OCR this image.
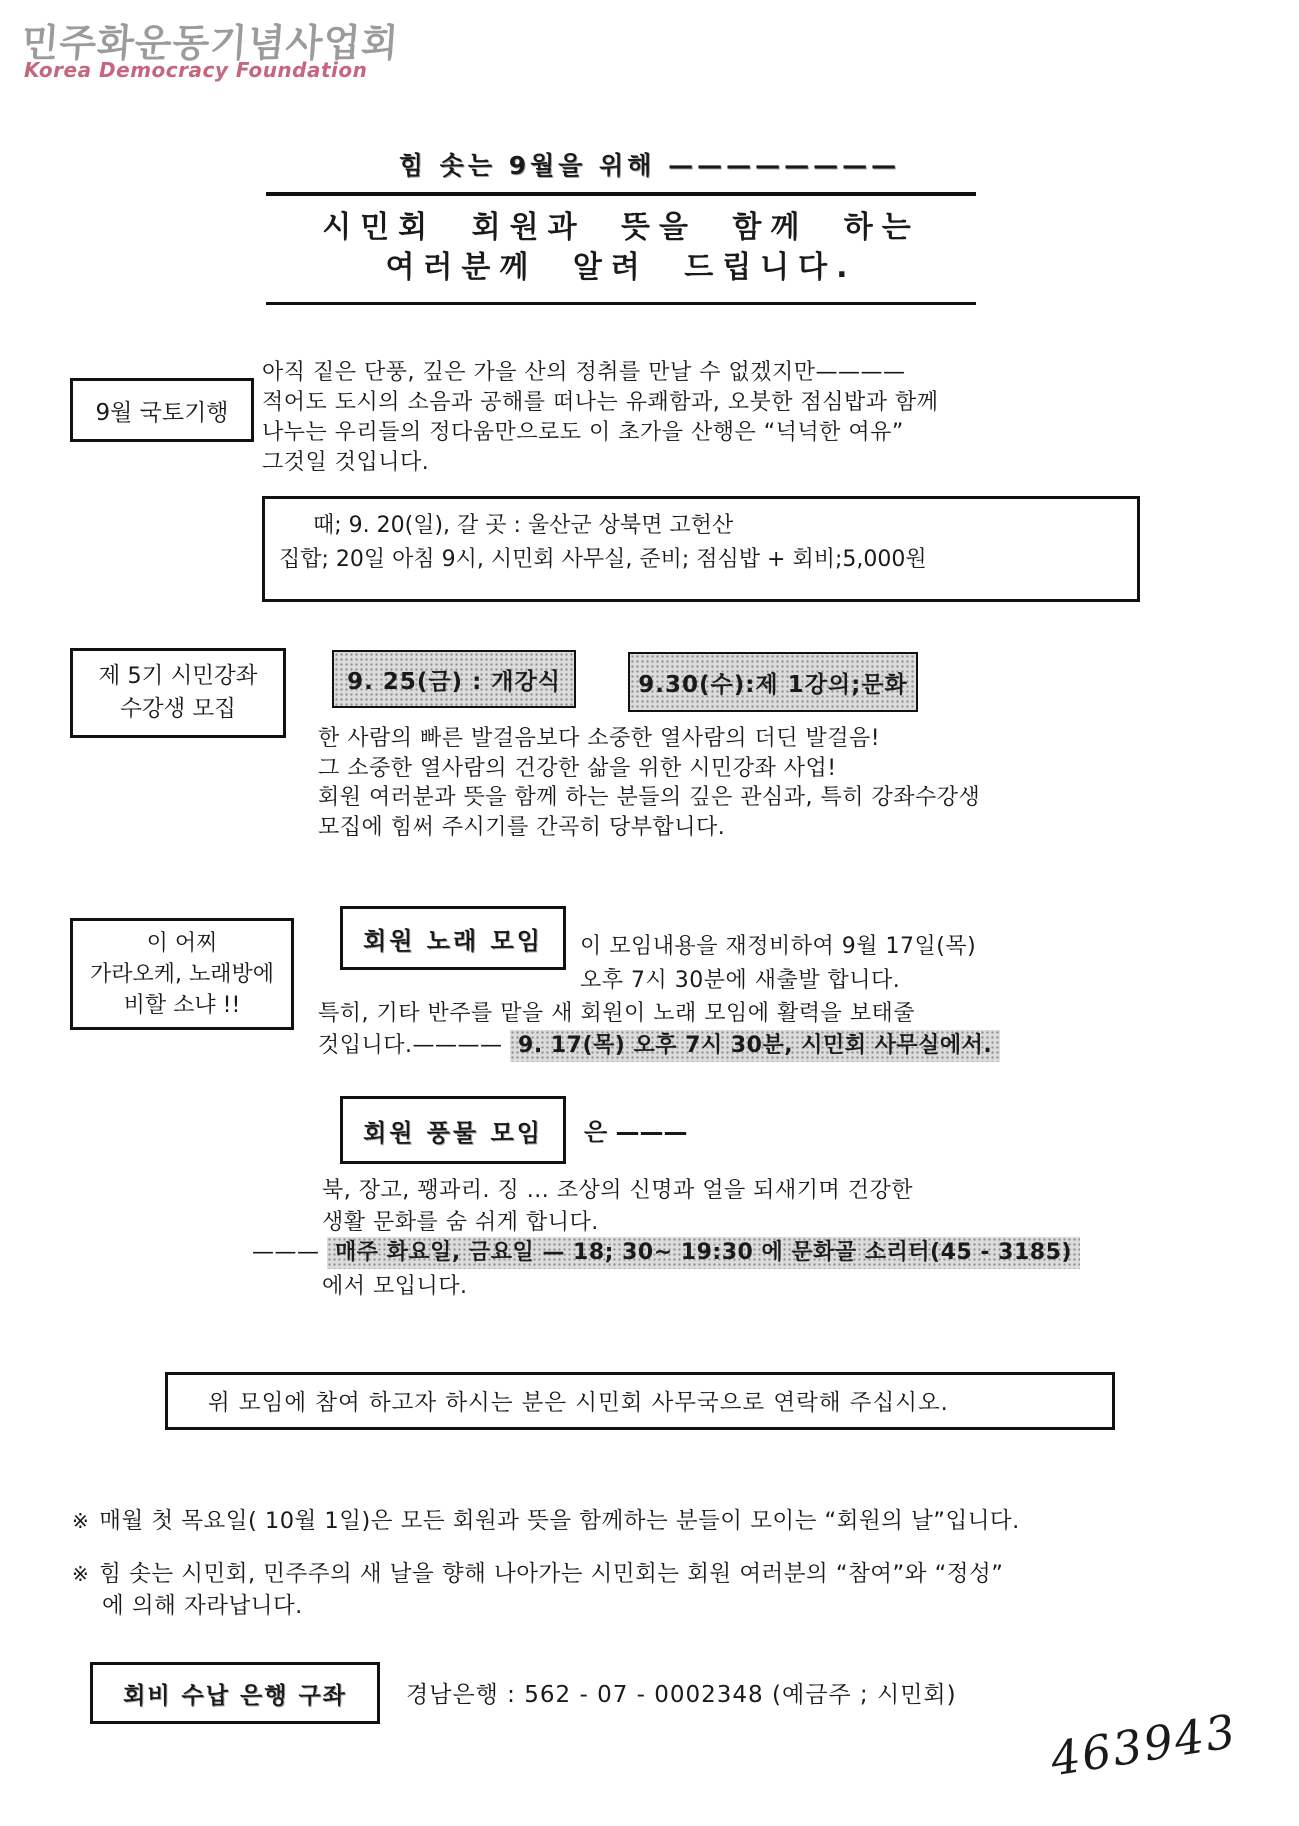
민주화운동기념사업회
Korea Democracy Foundation
힘 솟는 9월을 위해 ————————
시민회 회원과 뜻을 함께 하는
여러분께 알려 드립니다.
9월 국토기행
아직 짙은 단풍, 깊은 가을 산의 정취를 만날 수 없겠지만————
적어도 도시의 소음과 공해를 떠나는 유쾌함과, 오붓한 점심밥과 함께
나누는 우리들의 정다움만으로도 이 초가을 산행은 “넉넉한 여유”
그것일 것입니다.
때; 9. 20(일), 갈 곳 : 울산군 상북면 고헌산
집합; 20일 아침 9시, 시민회 사무실, 준비; 점심밥 + 회비;5,000원
제 5기 시민강좌
수강생 모집
9. 25(금) : 개강식	9.30(수):제 1강의;문화
한 사람의 빠른 발걸음보다 소중한 열사람의 더딘 발걸음!
그 소중한 열사람의 건강한 삶을 위한 시민강좌 사업!
회원 여러분과 뜻을 함께 하는 분들의 깊은 관심과, 특히 강좌수강생
모집에 힘써 주시기를 간곡히 당부합니다.
이 어찌
가라오케, 노래방에
비할 소냐 !!
회원 노래 모임 이 모임내용을 재정비하여 9월 17일(목)
오후 7시 30분에 새출발 합니다.
특히, 기타 반주를 맡을 새 회원이 노래 모임에 활력을 보태줄
것입니다.———— 9. 17(목) 오후 7시 30분, 시민회 사무실에서.
회원 풍물 모임 은 ———
북, 장고, 꽹과리. 징 ... 조상의 신명과 얼을 되새기며 건강한
생활 문화를 숨 쉬게 합니다.
——— 매주 화요일, 금요일 — 18; 30~ 19:30 에 문화골 소리터(45 - 3185)
에서 모입니다.
위 모임에 참여 하고자 하시는 분은 시민회 사무국으로 연락해 주십시오.
※ 매월 첫 목요일( 10월 1일)은 모든 회원과 뜻을 함께하는 분들이 모이는 “회원의 날”입니다.
※ 힘 솟는 시민회, 민주주의 새 날을 향해 나아가는 시민회는 회원 여러분의 “참여”와 “정성”
에 의해 자라납니다.
회비 수납 은행 구좌	경남은행 : 562 - 07 - 0002348 (예금주 ; 시민회)
463943
